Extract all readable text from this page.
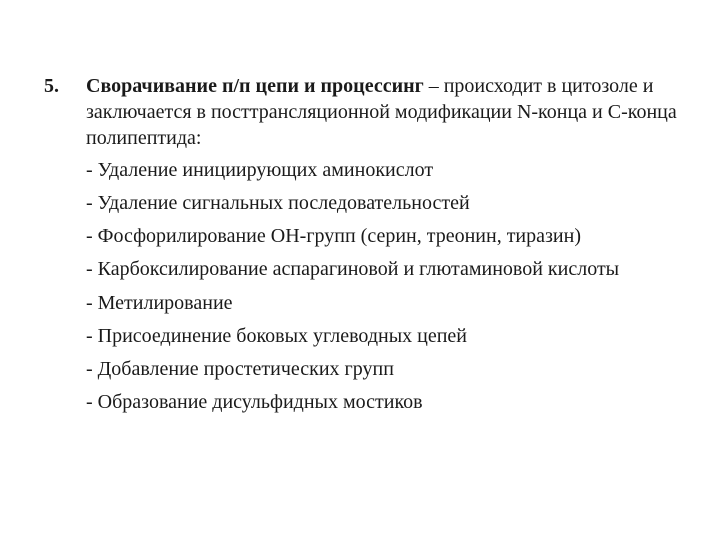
5. Сворачивание п/п цепи и процессинг – происходит в цитозоле и заключается в посттрансляционной модификации N-конца и С-конца полипептида:

- Удаление инициирующих аминокислот
- Удаление сигнальных последовательностей
- Фосфорилирование ОН-групп (серин, треонин, тиразин)
- Карбоксилирование аспарагиновой и глютаминовой кислоты
- Метилирование
- Присоединение боковых углеводных цепей
- Добавление простетических групп
- Образование дисульфидных мостиков
